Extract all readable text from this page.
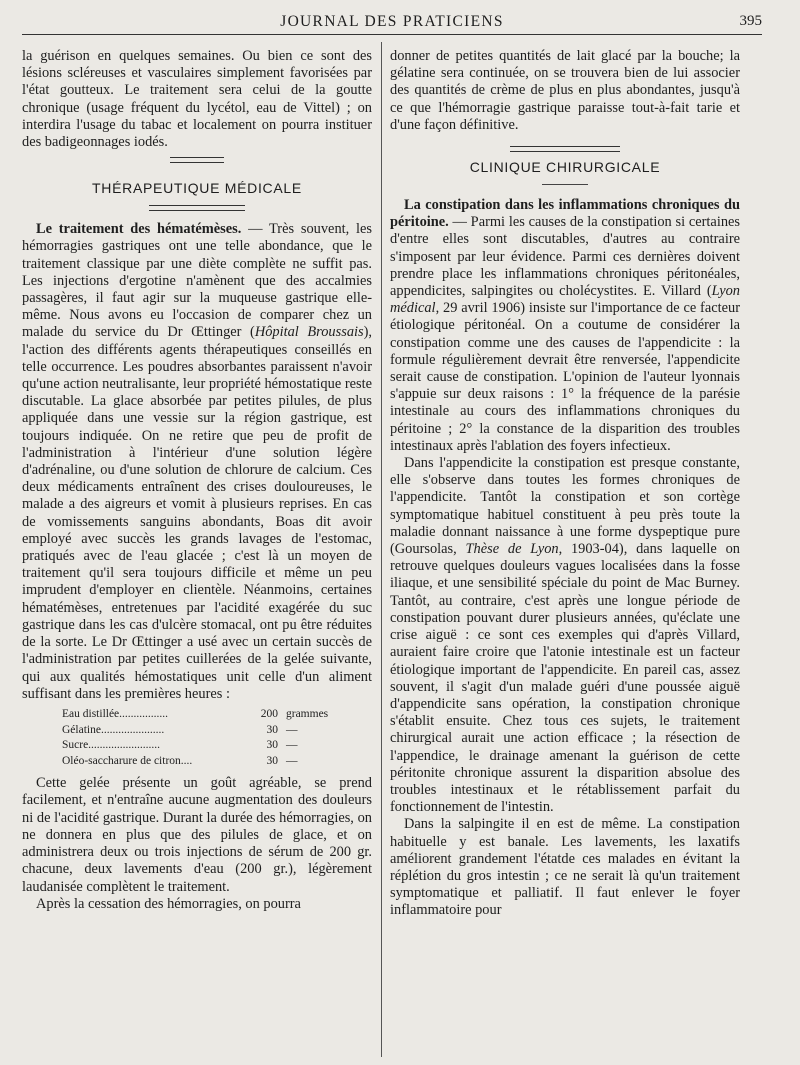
JOURNAL DES PRATICIENS	395

la guérison en quelques semaines. Ou bien ce sont des lésions scléreuses et vasculaires simplement favorisées par l'état goutteux. Le traitement sera celui de la goutte chronique (usage fréquent du lycétol, eau de Vittel) ; on interdira l'usage du tabac et localement on pourra instituer des badigeonnages iodés.

THÉRAPEUTIQUE MÉDICALE

Le traitement des hématémèses. — Très souvent, les hémorragies gastriques ont une telle abondance, que le traitement classique par une diète complète ne suffit pas. Les injections d'ergotine n'amènent que des accalmies passagères, il faut agir sur la muqueuse gastrique elle-même. Nous avons eu l'occasion de comparer chez un malade du service du Dr Œttinger (Hôpital Broussais), l'action des différents agents thérapeutiques conseillés en telle occurrence. Les poudres absorbantes paraissent n'avoir qu'une action neutralisante, leur propriété hémostatique reste discutable. La glace absorbée par petites pilules, de plus appliquée dans une vessie sur la région gastrique, est toujours indiquée. On ne retire que peu de profit de l'administration à l'intérieur d'une solution légère d'adrénaline, ou d'une solution de chlorure de calcium. Ces deux médicaments entraînent des crises douloureuses, le malade a des aigreurs et vomit à plusieurs reprises. En cas de vomissements sanguins abondants, Boas dit avoir employé avec succès les grands lavages de l'estomac, pratiqués avec de l'eau glacée ; c'est là un moyen de traitement qu'il sera toujours difficile et même un peu imprudent d'employer en clientèle. Néanmoins, certaines hématémèses, entretenues par l'acidité exagérée du suc gastrique dans les cas d'ulcère stomacal, ont pu être réduites de la sorte. Le Dr Œttinger a usé avec un certain succès de l'administration par petites cuillerées de la gelée suivante, qui aux qualités hémostatiques unit celle d'un aliment suffisant dans les premières heures :

Eau distillée.................	200 grammes
Gélatine......................	30 —
Sucre.........................	30 —
Oléo-saccharure de citron....	30 —

Cette gelée présente un goût agréable, se prend facilement, et n'entraîne aucune augmentation des douleurs ni de l'acidité gastrique. Durant la durée des hémorragies, on ne donnera en plus que des pilules de glace, et on administrera deux ou trois injections de sérum de 200 gr. chacune, deux lavements d'eau (200 gr.), légèrement laudanisée complètent le traitement.

Après la cessation des hémorragies, on pourra

donner de petites quantités de lait glacé par la bouche; la gélatine sera continuée, on se trouvera bien de lui associer des quantités de crème de plus en plus abondantes, jusqu'à ce que l'hémorragie gastrique paraisse tout-à-fait tarie et d'une façon définitive.

CLINIQUE CHIRURGICALE

La constipation dans les inflammations chroniques du péritoine. — Parmi les causes de la constipation si certaines d'entre elles sont discutables, d'autres au contraire s'imposent par leur évidence. Parmi ces dernières doivent prendre place les inflammations chroniques péritonéales, appendicites, salpingites ou cholécystites. E. Villard (Lyon médical, 29 avril 1906) insiste sur l'importance de ce facteur étiologique péritonéal. On a coutume de considérer la constipation comme une des causes de l'appendicite : la formule régulièrement devrait être renversée, l'appendicite serait cause de constipation. L'opinion de l'auteur lyonnais s'appuie sur deux raisons : 1° la fréquence de la parésie intestinale au cours des inflammations chroniques du péritoine ; 2° la constance de la disparition des troubles intestinaux après l'ablation des foyers infectieux.

Dans l'appendicite la constipation est presque constante, elle s'observe dans toutes les formes chroniques de l'appendicite. Tantôt la constipation et son cortège symptomatique habituel constituent à peu près toute la maladie donnant naissance à une forme dyspeptique pure (Goursolas, Thèse de Lyon, 1903-04), dans laquelle on retrouve quelques douleurs vagues localisées dans la fosse iliaque, et une sensibilité spéciale du point de Mac Burney. Tantôt, au contraire, c'est après une longue période de constipation pouvant durer plusieurs années, qu'éclate une crise aiguë : ce sont ces exemples qui d'après Villard, auraient faire croire que l'atonie intestinale est un facteur étiologique important de l'appendicite. En pareil cas, assez souvent, il s'agit d'un malade guéri d'une poussée aiguë d'appendicite sans opération, la constipation chronique s'établit ensuite. Chez tous ces sujets, le traitement chirurgical aurait une action efficace ; la résection de l'appendice, le drainage amenant la guérison de cette péritonite chronique assurent la disparition absolue des troubles intestinaux et le rétablissement parfait du fonctionnement de l'intestin.

Dans la salpingite il en est de même. La constipation habituelle y est banale. Les lavements, les laxatifs améliorent grandement l'étatde ces malades en évitant la réplétion du gros intestin ; ce ne serait là qu'un traitement symptomatique et palliatif. Il faut enlever le foyer inflammatoire pour
